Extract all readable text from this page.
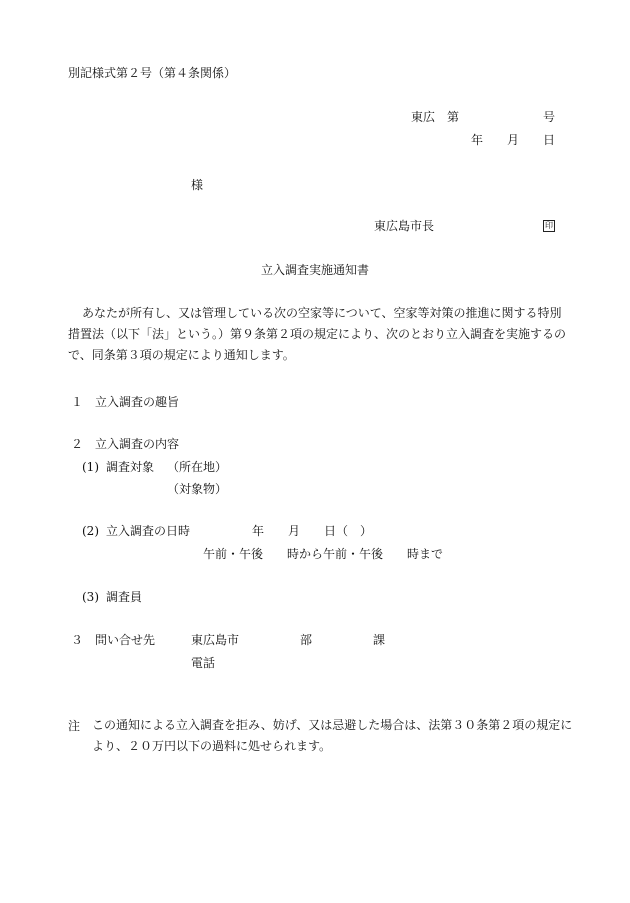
別記様式第２号（第４条関係）
東広　第　　　　　　　号
年　　月　　日
様
東広島市長	印
立入調査実施通知書
あなたが所有し、又は管理している次の空家等について、空家等対策の推進に関する特別措置法（以下「法」という。）第９条第２項の規定により、次のとおり立入調査を実施するので、同条第３項の規定により通知します。
１ 立入調査の趣旨
２ 立入調査の内容
(1) 調査対象 （所在地）
（対象物）
(2) 立入調査の日時	年　　月　　日（　）
午前・午後　　時から午前・午後　　時まで
(3) 調査員
３ 問い合せ先	東広島市	部	課
電話
注 この通知による立入調査を拒み、妨げ、又は忌避した場合は、法第３０条第２項の規定により、２０万円以下の過料に処せられます。
